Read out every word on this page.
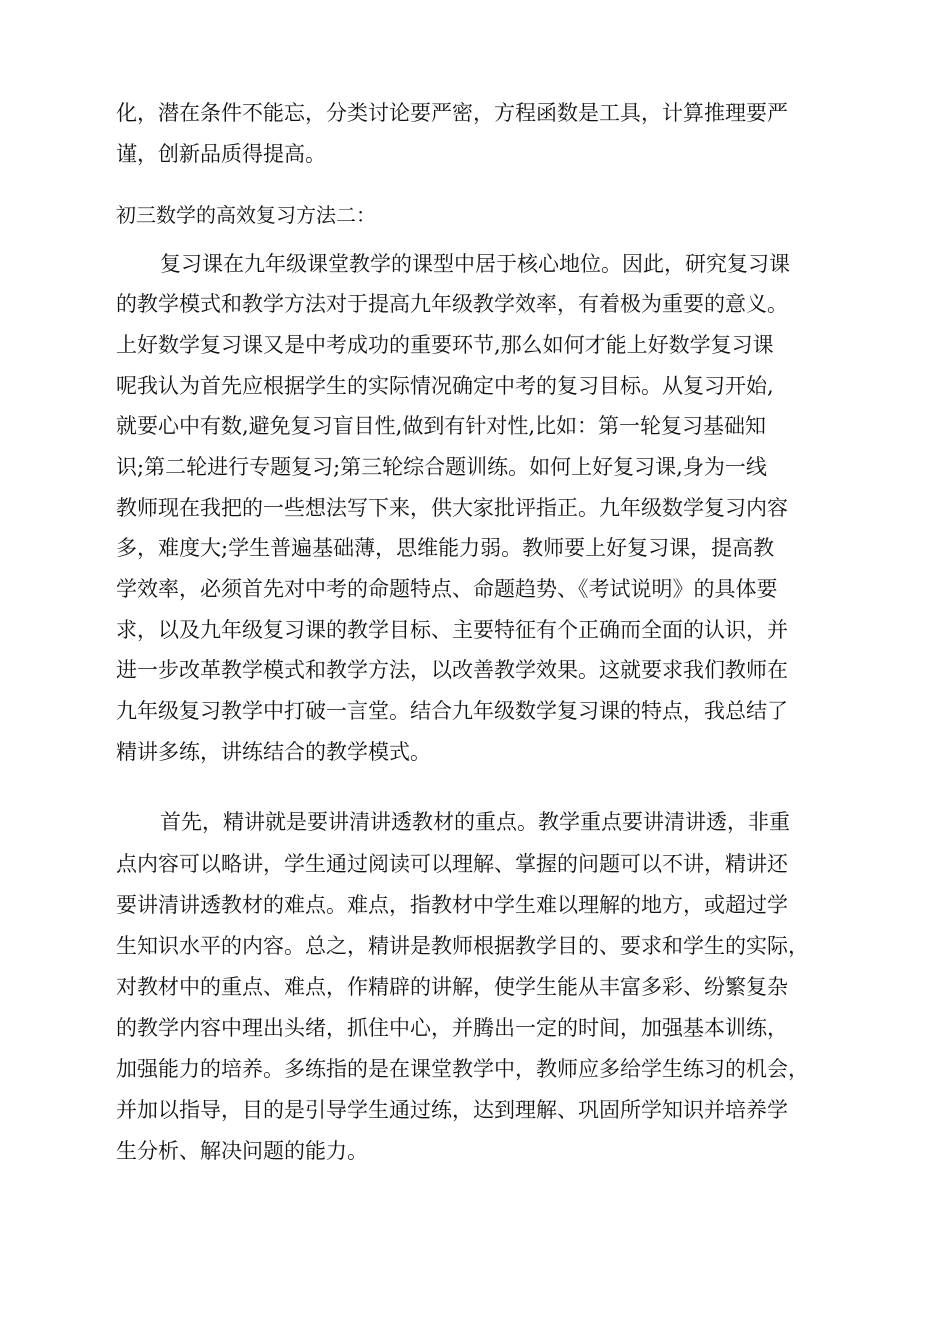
化，潜在条件不能忘，分类讨论要严密，方程函数是工具，计算推理要严
谨，创新品质得提高。
初三数学的高效复习方法二：
复习课在九年级课堂教学的课型中居于核心地位。因此，研究复习课
的教学模式和教学方法对于提高九年级教学效率，有着极为重要的意义。
上好数学复习课又是中考成功的重要环节,那么如何才能上好数学复习课
呢我认为首先应根据学生的实际情况确定中考的复习目标。从复习开始,
就要心中有数,避免复习盲目性,做到有针对性,比如：第一轮复习基础知
识;第二轮进行专题复习;第三轮综合题训练。如何上好复习课,身为一线
教师现在我把的一些想法写下来，供大家批评指正。九年级数学复习内容
多，难度大;学生普遍基础薄，思维能力弱。教师要上好复习课，提高教
学效率，必须首先对中考的命题特点、命题趋势、《考试说明》的具体要
求，以及九年级复习课的教学目标、主要特征有个正确而全面的认识，并
进一步改革教学模式和教学方法，以改善教学效果。这就要求我们教师在
九年级复习教学中打破一言堂。结合九年级数学复习课的特点，我总结了
精讲多练，讲练结合的教学模式。
首先，精讲就是要讲清讲透教材的重点。教学重点要讲清讲透，非重
点内容可以略讲，学生通过阅读可以理解、掌握的问题可以不讲，精讲还
要讲清讲透教材的难点。难点，指教材中学生难以理解的地方，或超过学
生知识水平的内容。总之，精讲是教师根据教学目的、要求和学生的实际，
对教材中的重点、难点，作精辟的讲解，使学生能从丰富多彩、纷繁复杂
的教学内容中理出头绪，抓住中心，并腾出一定的时间，加强基本训练，
加强能力的培养。多练指的是在课堂教学中，教师应多给学生练习的机会，
并加以指导，目的是引导学生通过练，达到理解、巩固所学知识并培养学
生分析、解决问题的能力。
